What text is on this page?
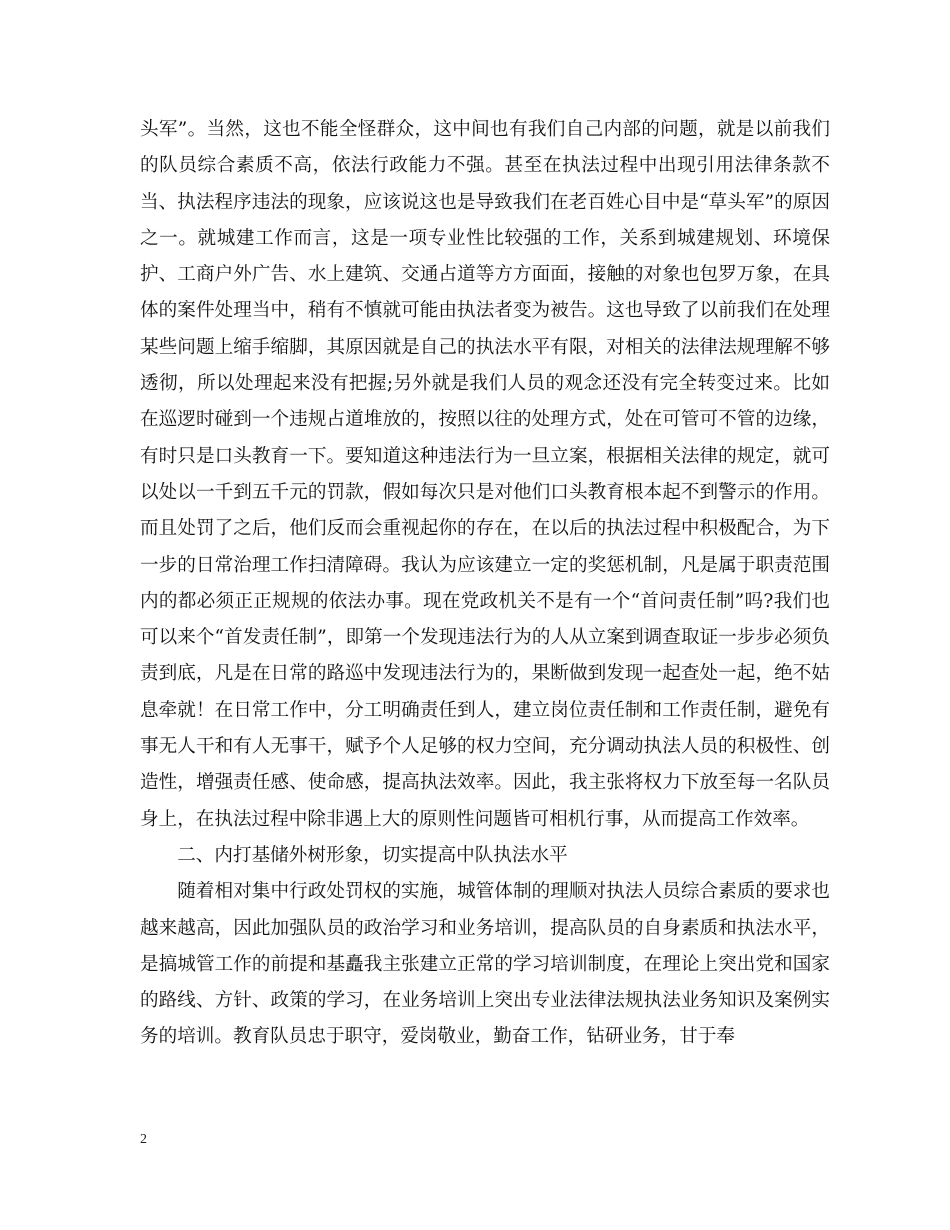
头军”。当然，这也不能全怪群众，这中间也有我们自己内部的问题，就是以前我们的队员综合素质不高，依法行政能力不强。甚至在执法过程中出现引用法律条款不当、执法程序违法的现象，应该说这也是导致我们在老百姓心目中是“草头军”的原因之一。就城建工作而言，这是一项专业性比较强的工作，关系到城建规划、环境保护、工商户外广告、水上建筑、交通占道等方方面面，接触的对象也包罗万象，在具体的案件处理当中，稍有不慎就可能由执法者变为被告。这也导致了以前我们在处理某些问题上缩手缩脚，其原因就是自己的执法水平有限，对相关的法律法规理解不够透彻，所以处理起来没有把握;另外就是我们人员的观念还没有完全转变过来。比如在巡逻时碰到一个违规占道堆放的，按照以往的处理方式，处在可管可不管的边缘，有时只是口头教育一下。要知道这种违法行为一旦立案，根据相关法律的规定，就可以处以一千到五千元的罚款，假如每次只是对他们口头教育根本起不到警示的作用。而且处罚了之后，他们反而会重视起你的存在，在以后的执法过程中积极配合，为下一步的日常治理工作扫清障碍。我认为应该建立一定的奖惩机制，凡是属于职责范围内的都必须正正规规的依法办事。现在党政机关不是有一个“首问责任制”吗?我们也可以来个“首发责任制”，即第一个发现违法行为的人从立案到调查取证一步步必须负责到底，凡是在日常的路巡中发现违法行为的，果断做到发现一起查处一起，绝不姑息牵就！在日常工作中，分工明确责任到人，建立岗位责任制和工作责任制，避免有事无人干和有人无事干，赋予个人足够的权力空间，充分调动执法人员的积极性、创造性，增强责任感、使命感，提高执法效率。因此，我主张将权力下放至每一名队员身上，在执法过程中除非遇上大的原则性问题皆可相机行事，从而提高工作效率。

二、内打基储外树形象，切实提高中队执法水平

随着相对集中行政处罚权的实施，城管体制的理顺对执法人员综合素质的要求也越来越高，因此加强队员的政治学习和业务培训，提高队员的自身素质和执法水平，是搞城管工作的前提和基矗我主张建立正常的学习培训制度，在理论上突出党和国家的路线、方针、政策的学习，在业务培训上突出专业法律法规执法业务知识及案例实务的培训。教育队员忠于职守，爱岗敬业，勤奋工作，钻研业务，甘于奉

2
